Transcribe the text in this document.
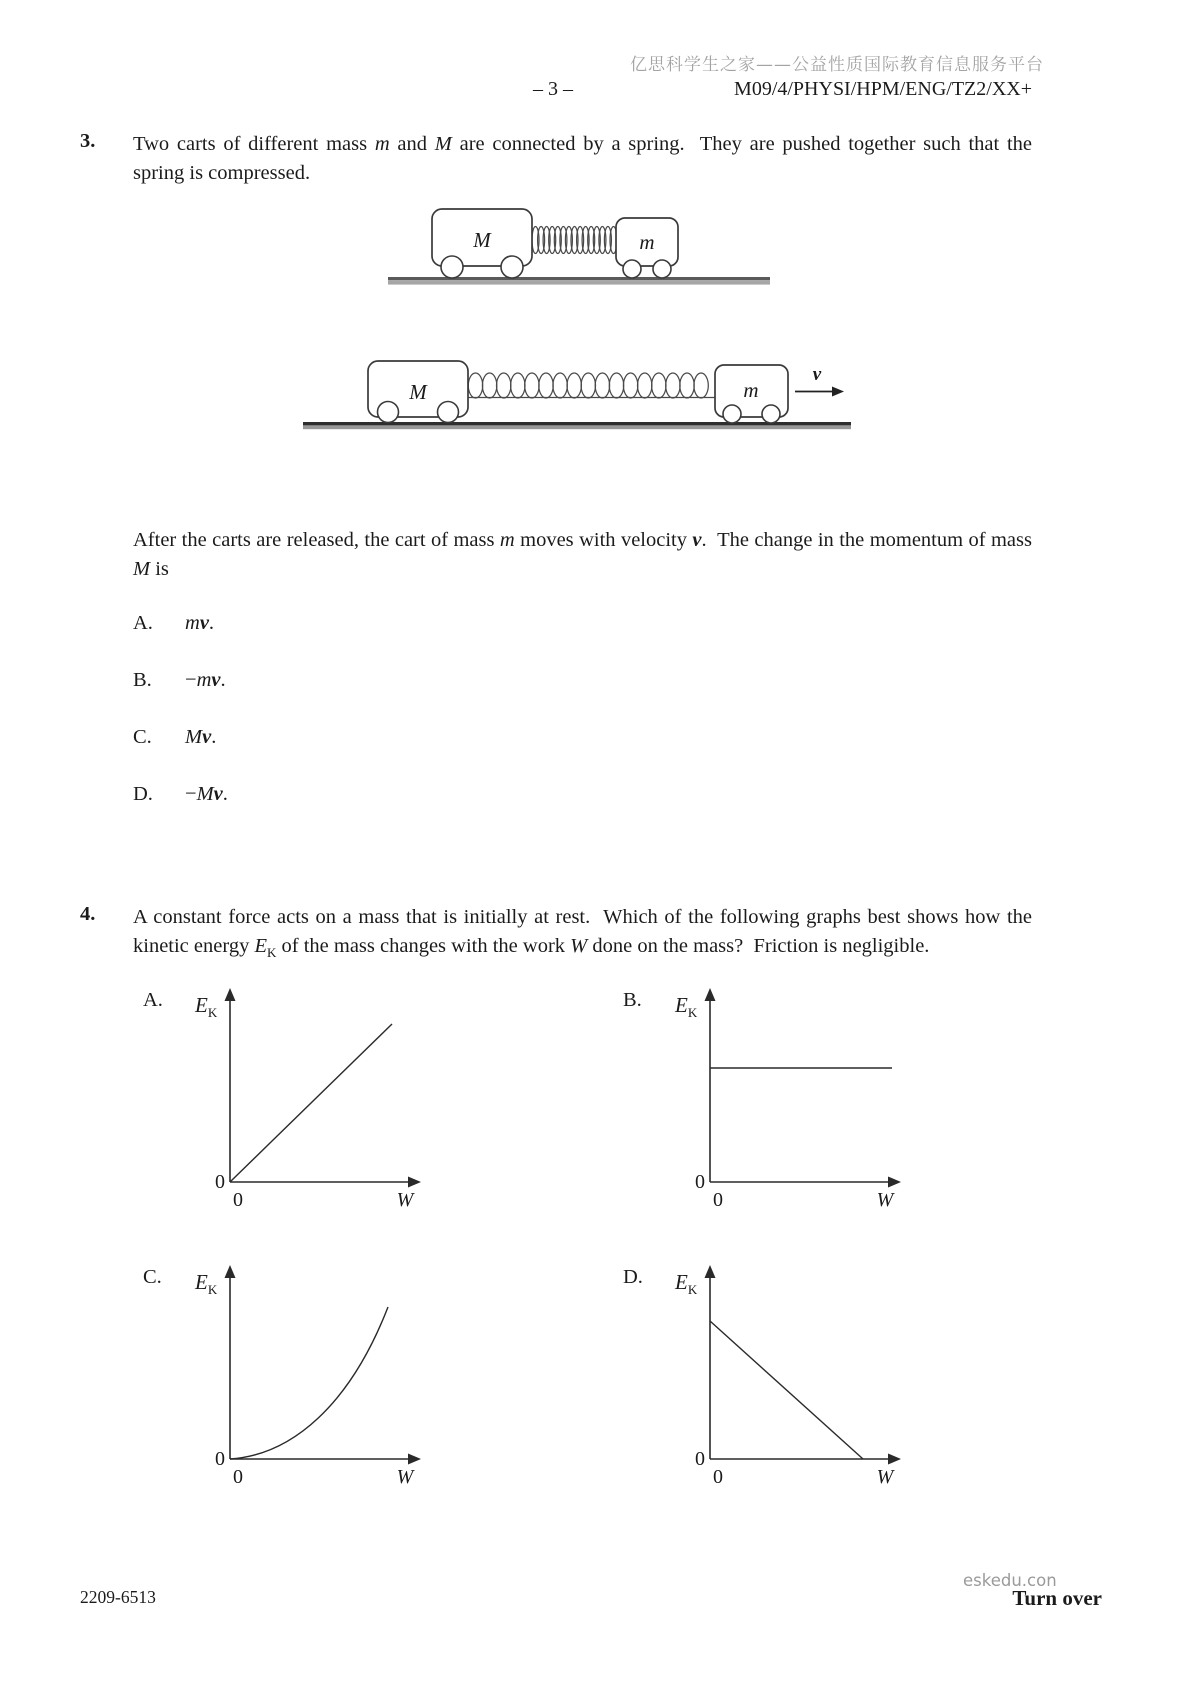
亿思科学生之家——公益性质国际教育信息服务平台
– 3 –	M09/4/PHYSI/HPM/ENG/TZ2/XX+
3. Two carts of different mass m and M are connected by a spring.  They are pushed together such that the spring is compressed.
M	m
M	m
v
After the carts are released, the cart of mass m moves with velocity v.  The change in the momentum of mass M is
A. mv.
B. −mv.
C. Mv.
D. −Mv.
4. A constant force acts on a mass that is initially at rest.  Which of the following graphs best shows how the kinetic energy $E_K$ of the mass changes with the work W done on the mass?  Friction is negligible.
A. $E_K$
0
0	W
B. $E_K$
0
0	W
C. $E_K$
0
0	W
D. $E_K$
0
0	W
2209-6513
eskedu.con
Turn over
